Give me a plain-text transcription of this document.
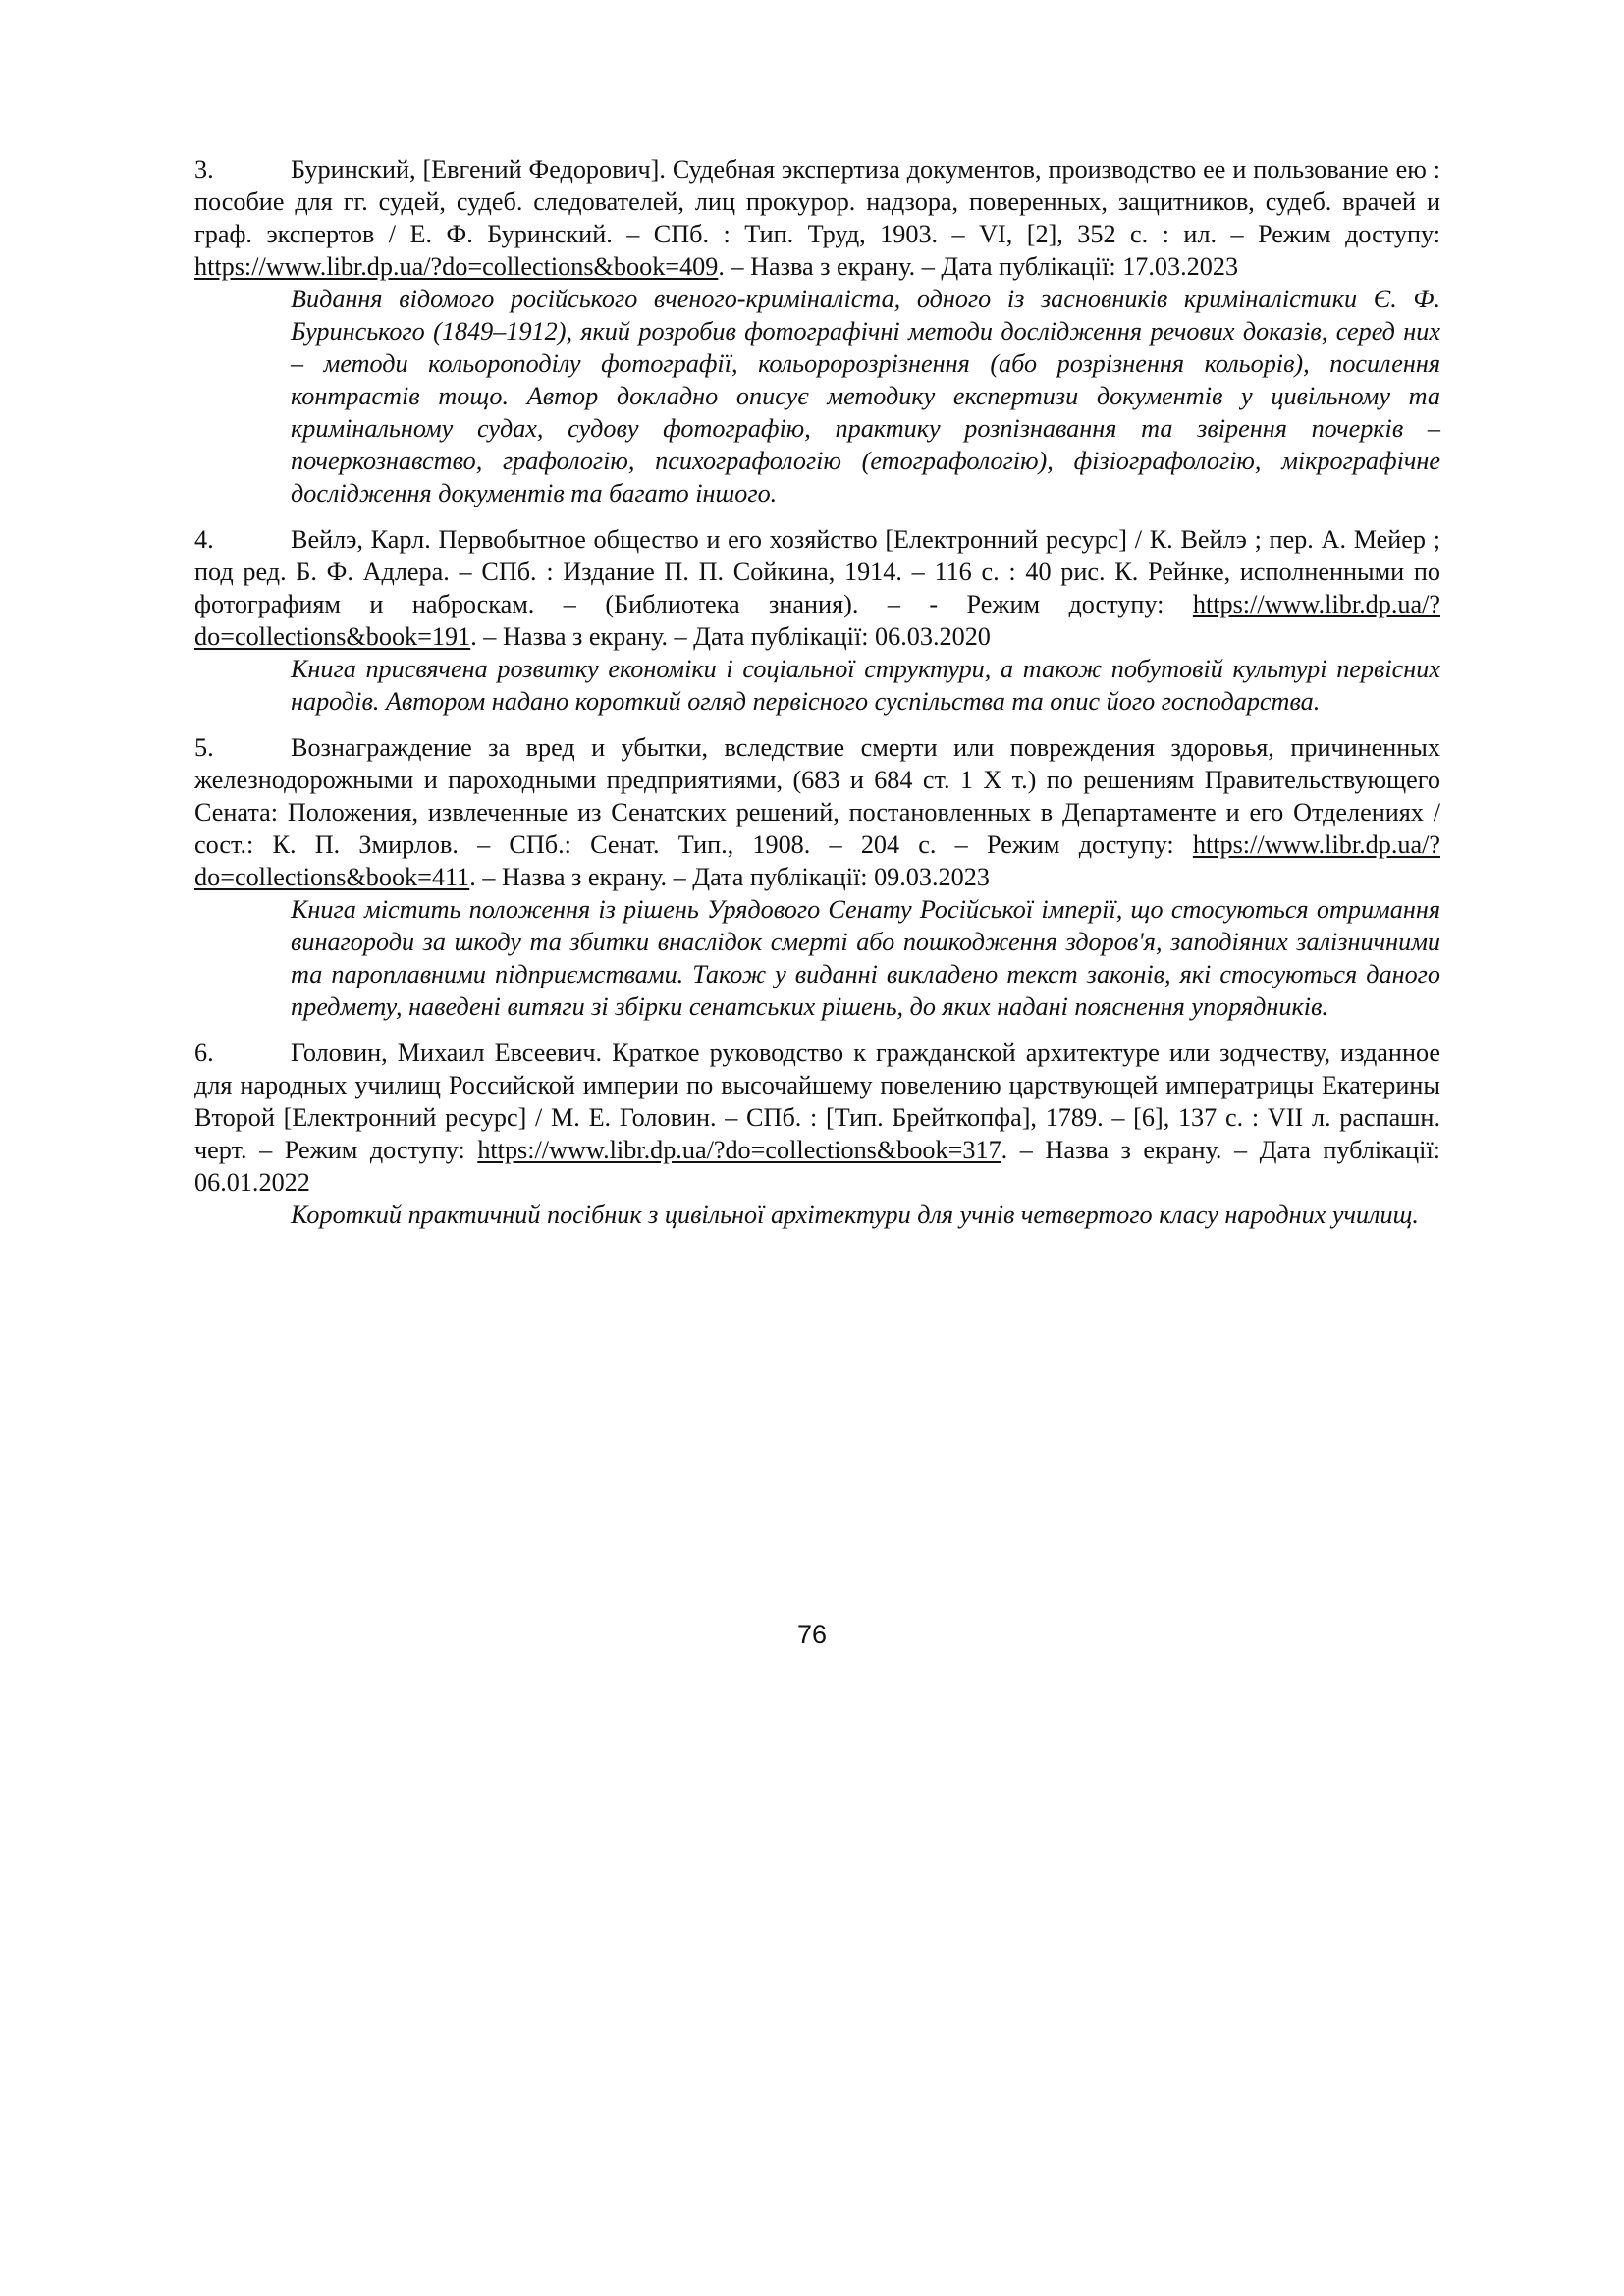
3.	Буринский, [Евгений Федорович]. Судебная экспертиза документов, производство ее и пользование ею : пособие для гг. судей, судеб. следователей, лиц прокурор. надзора, поверенных, защитников, судеб. врачей и граф. экспертов / Е. Ф. Буринский. – СПб. : Тип. Труд, 1903. – VI, [2], 352 с. : ил. – Режим доступу: https://www.libr.dp.ua/?do=collections&book=409. – Назва з екрану. – Дата публікації: 17.03.2023

Видання відомого російського вченого-криміналіста, одного із засновників криміналістики Є. Ф. Буринського (1849–1912), який розробив фотографічні методи дослідження речових доказів, серед них – методи кольороподілу фотографії, кольоророзрізнення (або розрізнення кольорів), посилення контрастів тощо. Автор докладно описує методику експертизи документів у цивільному та кримінальному судах, судову фотографію, практику розпізнавання та звірення почерків – почеркознавство, графологію, психографологію (етографологію), фізіографологію, мікрографічне дослідження документів та багато іншого.

4.	Вейлэ, Карл. Первобытное общество и его хозяйство [Електронний ресурс] / К. Вейлэ ; пер. А. Мейер ; под ред. Б. Ф. Адлера. – СПб. : Издание П. П. Сойкина, 1914. – 116 с. : 40 рис. К. Рейнке, исполненными по фотографиям и наброскам. – (Библиотека знания). – - Режим доступу: https://www.libr.dp.ua/?do=collections&book=191. – Назва з екрану. – Дата публікації: 06.03.2020

Книга присвячена розвитку економіки і соціальної структури, а також побутовій культурі первісних народів. Автором надано короткий огляд первісного суспільства та опис його господарства.

5.	Вознаграждение за вред и убытки, вследствие смерти или повреждения здоровья, причиненных железнодорожными и пароходными предприятиями, (683 и 684 ст. 1 X т.) по решениям Правительствующего Сената: Положения, извлеченные из Сенатских решений, постановленных в Департаменте и его Отделениях / сост.: К. П. Змирлов. – СПб.: Сенат. Тип., 1908. – 204 с. – Режим доступу: https://www.libr.dp.ua/?do=collections&book=411. – Назва з екрану. – Дата публікації: 09.03.2023

Книга містить положення із рішень Урядового Сенату Російської імперії, що стосуються отримання винагороди за шкоду та збитки внаслідок смерті або пошкодження здоров'я, заподіяних залізничними та пароплавними підприємствами. Також у виданні викладено текст законів, які стосуються даного предмету, наведені витяги зі збірки сенатських рішень, до яких надані пояснення упорядників.

6.	Головин, Михаил Евсеевич. Краткое руководство к гражданской архитектуре или зодчеству, изданное для народных училищ Российской империи по высочайшему повелению царствующей императрицы Екатерины Второй [Електронний ресурс] / М. Е. Головин. – СПб. : [Тип. Брейткопфа], 1789. – [6], 137 с. : VII л. распашн. черт. – Режим доступу: https://www.libr.dp.ua/?do=collections&book=317. – Назва з екрану. – Дата публікації: 06.01.2022

Короткий практичний посібник з цивільної архітектури для учнів четвертого класу народних училищ.

76
